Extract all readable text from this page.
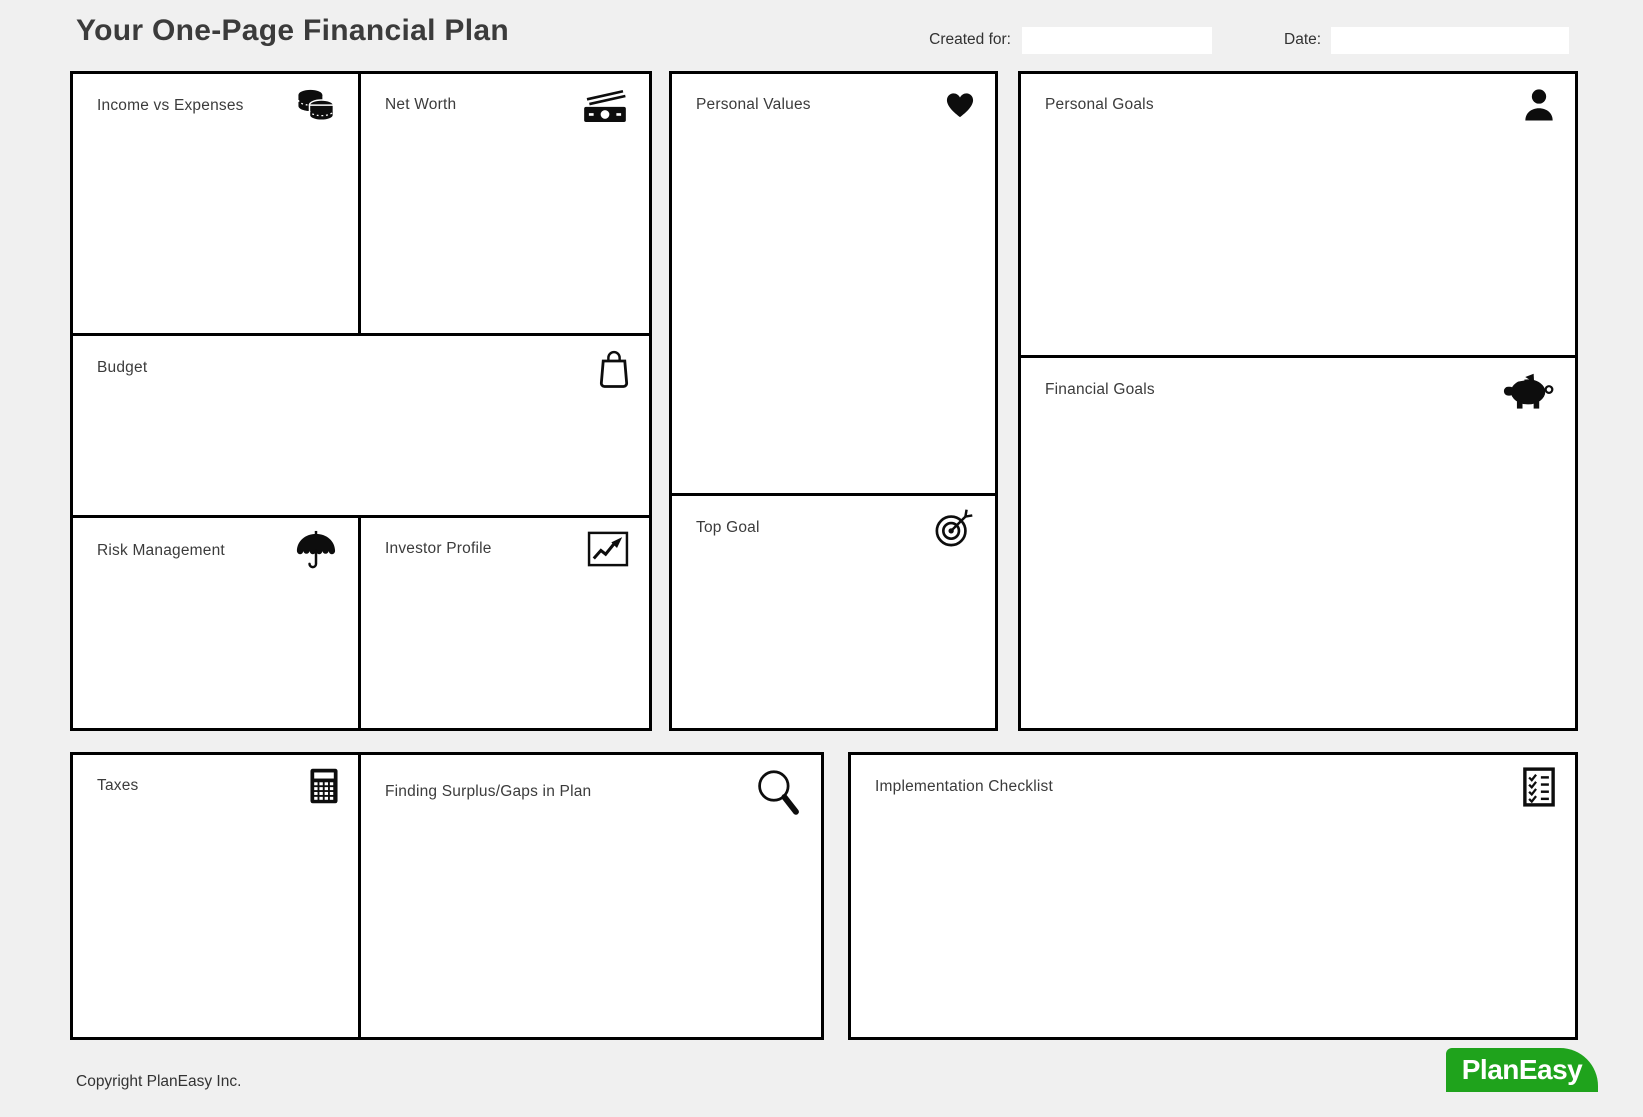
Your One-Page Financial Plan	Created for:	Date:
Income vs Expenses	Net Worth
Budget
Risk Management	Investor Profile
Personal Values
Top Goal
Personal Goals
Financial Goals
Taxes	Finding Surplus/Gaps in Plan	Implementation Checklist
Copyright PlanEasy Inc.	PlanEasy
